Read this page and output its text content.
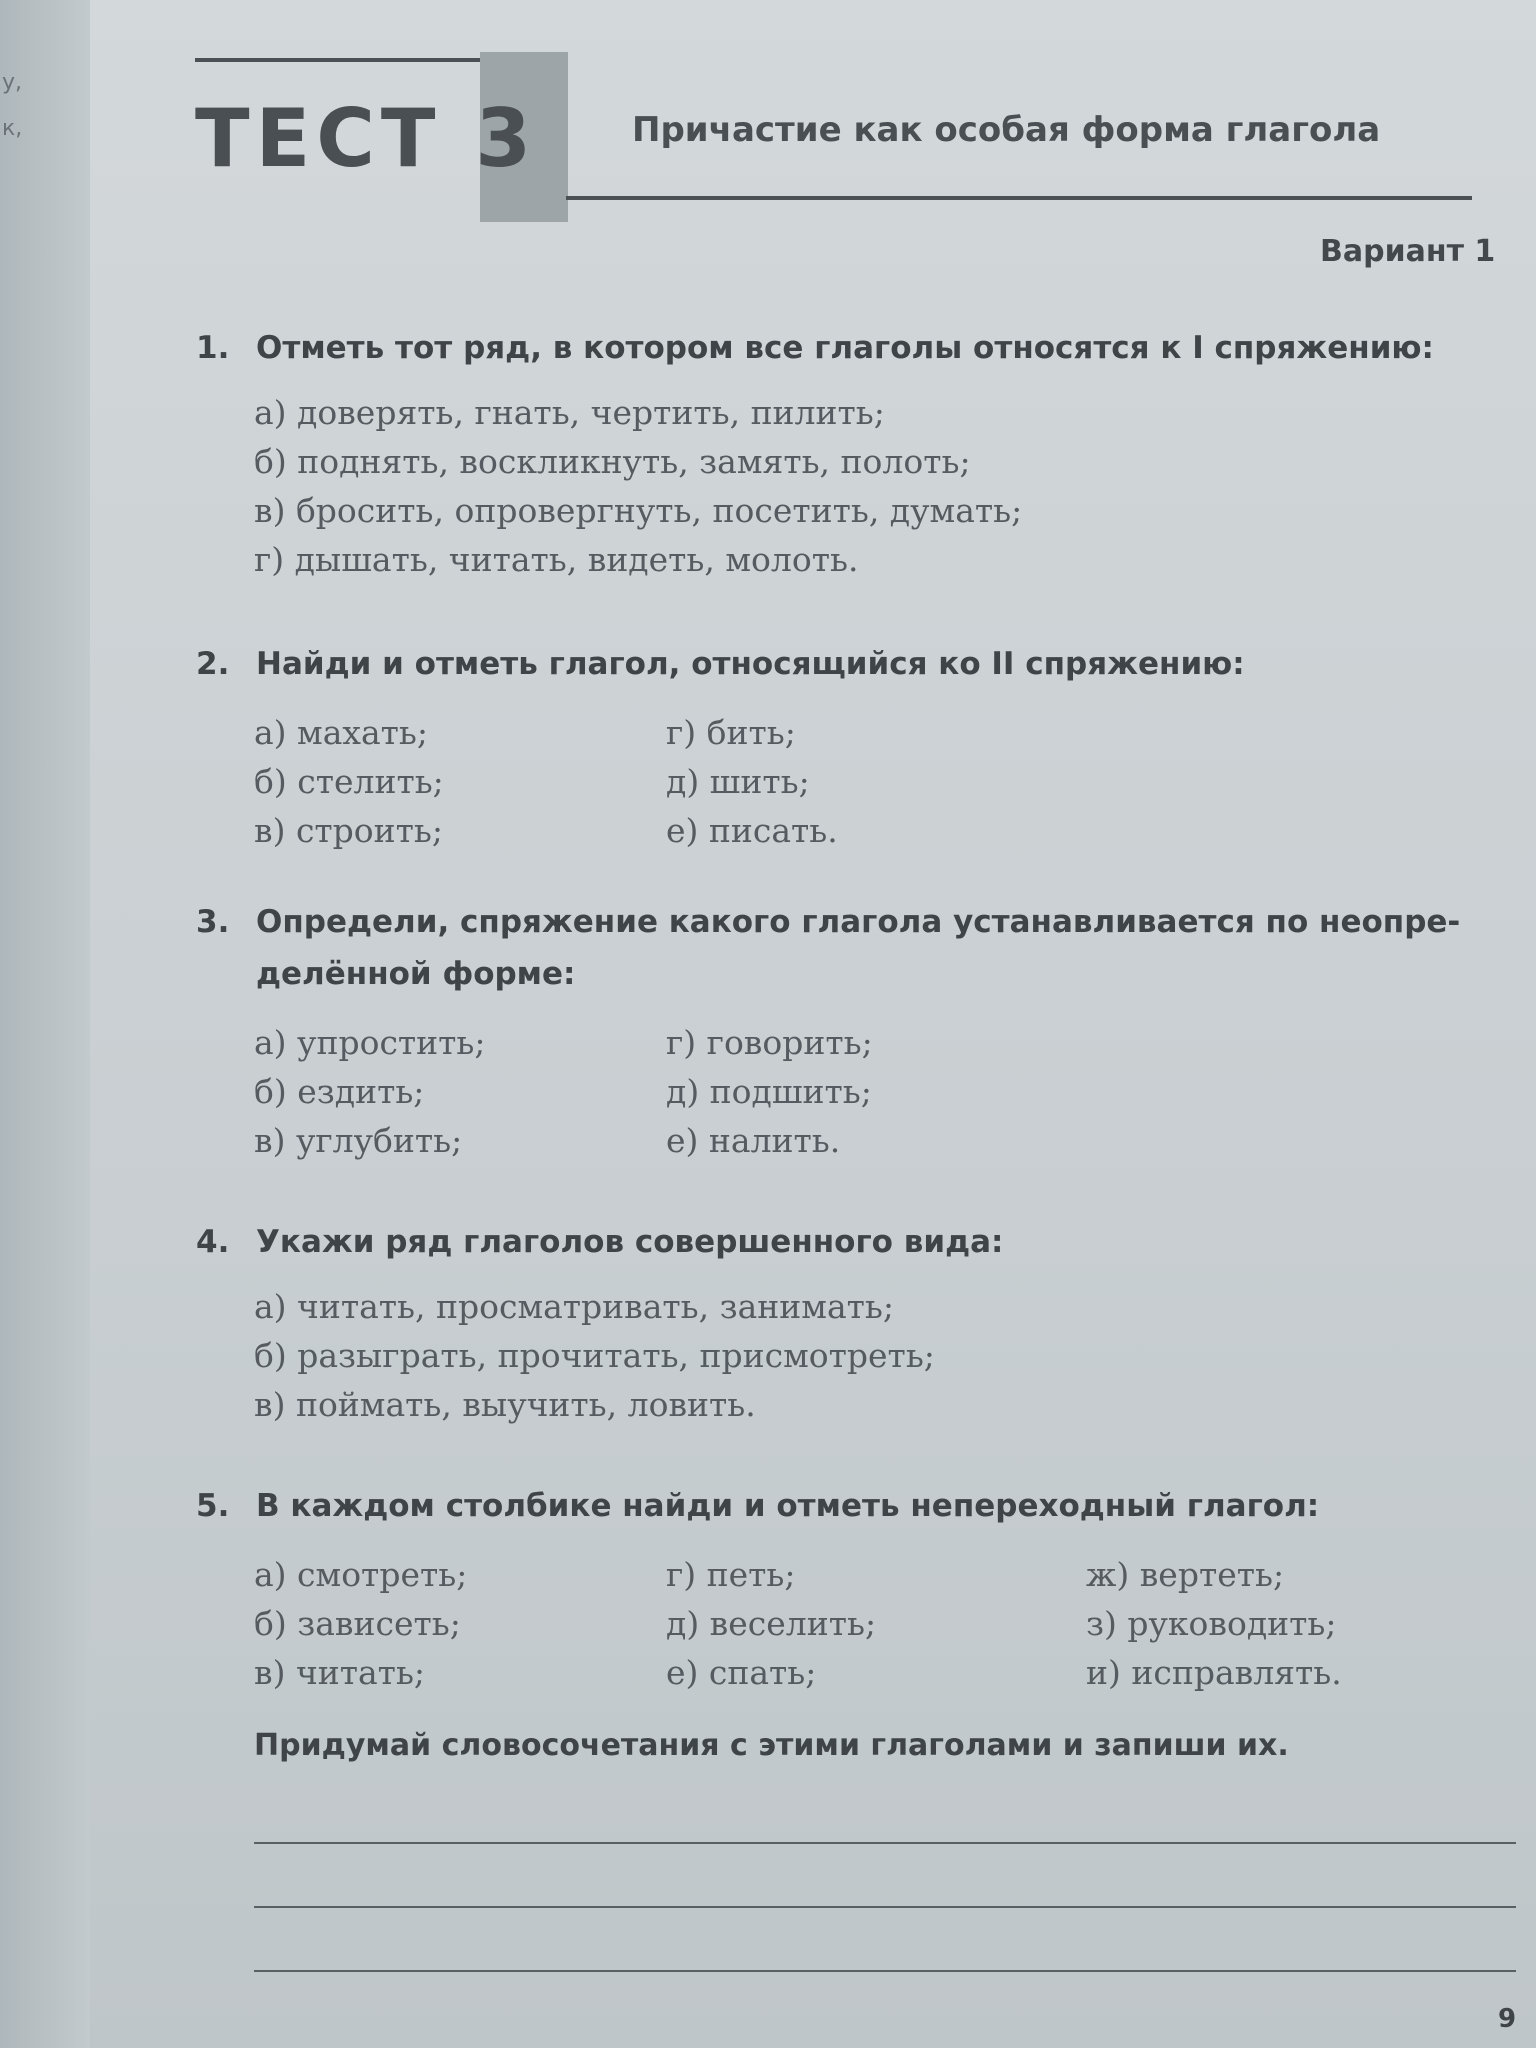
у,
к, ТЕСТ 3	Причастие как особая форма глагола
Вариант 1
1. Отметь тот ряд, в котором все глаголы относятся к I спряжению:
а) доверять, гнать, чертить, пилить;
б) поднять, воскликнуть, замять, полоть;
в) бросить, опровергнуть, посетить, думать;
г) дышать, читать, видеть, молоть.
2. Найди и отметь глагол, относящийся ко II спряжению:
а) махать;	г) бить;
б) стелить;	д) шить;
в) строить;	е) писать.
3. Определи, спряжение какого глагола устанавливается по неопре-
делённой форме:
а) упростить;	г) говорить;
б) ездить;	д) подшить;
в) углубить;	е) налить.
4. Укажи ряд глаголов совершенного вида:
а) читать, просматривать, занимать;
б) разыграть, прочитать, присмотреть;
в) поймать, выучить, ловить.
5. В каждом столбике найди и отметь непереходный глагол:
а) смотреть;	г) петь;	ж) вертеть;
б) зависеть;	д) веселить;	з) руководить;
в) читать;	е) спать;	и) исправлять.
Придумай словосочетания с этими глаголами и запиши их.
9
